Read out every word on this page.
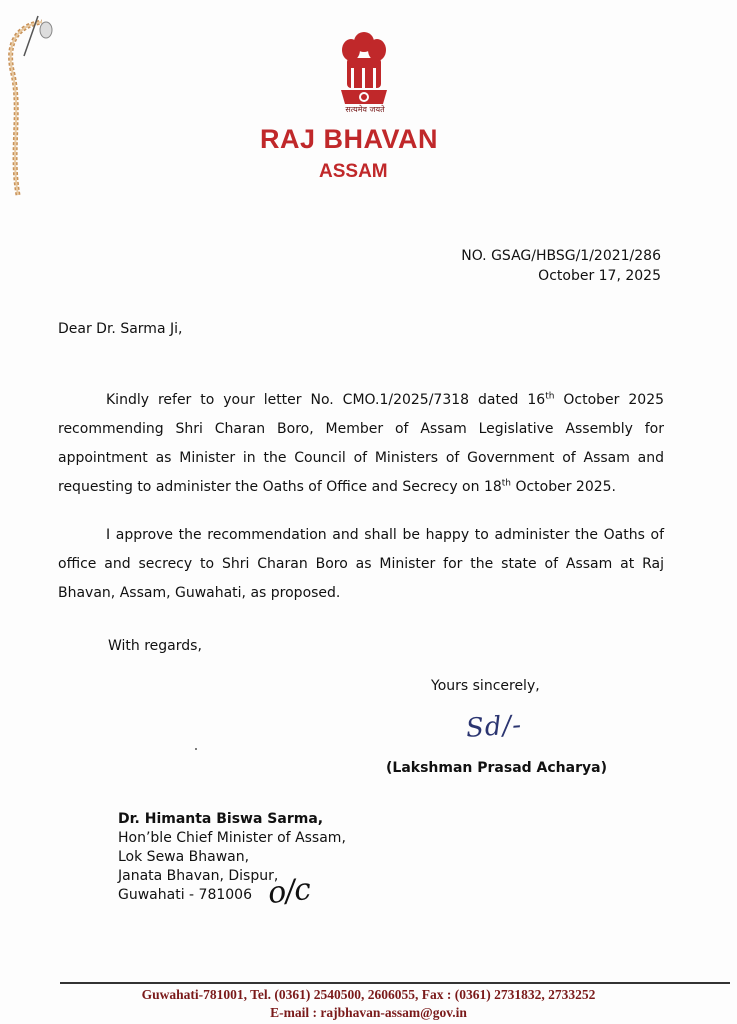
सत्यमेव जयते
RAJ BHAVAN
ASSAM
NO. GSAG/HBSG/1/2021/286
October 17, 2025
Dear Dr. Sarma Ji,
Kindly refer to your letter No. CMO.1/2025/7318 dated 16th October 2025 recommending Shri Charan Boro, Member of Assam Legislative Assembly for appointment as Minister in the Council of Ministers of Government of Assam and requesting to administer the Oaths of Office and Secrecy on 18th October 2025.
I approve the recommendation and shall be happy to administer the Oaths of office and secrecy to Shri Charan Boro as Minister for the state of Assam at Raj Bhavan, Assam, Guwahati, as proposed.
With regards,
Yours sincerely,
Sd/-
(Lakshman Prasad Acharya)
Dr. Himanta Biswa Sarma,
Hon’ble Chief Minister of Assam,
Lok Sewa Bhawan,
Janata Bhavan, Dispur,
Guwahati - 781006 o/c
Guwahati-781001, Tel. (0361) 2540500, 2606055, Fax : (0361) 2731832, 2733252
E-mail : rajbhavan-assam@gov.in
